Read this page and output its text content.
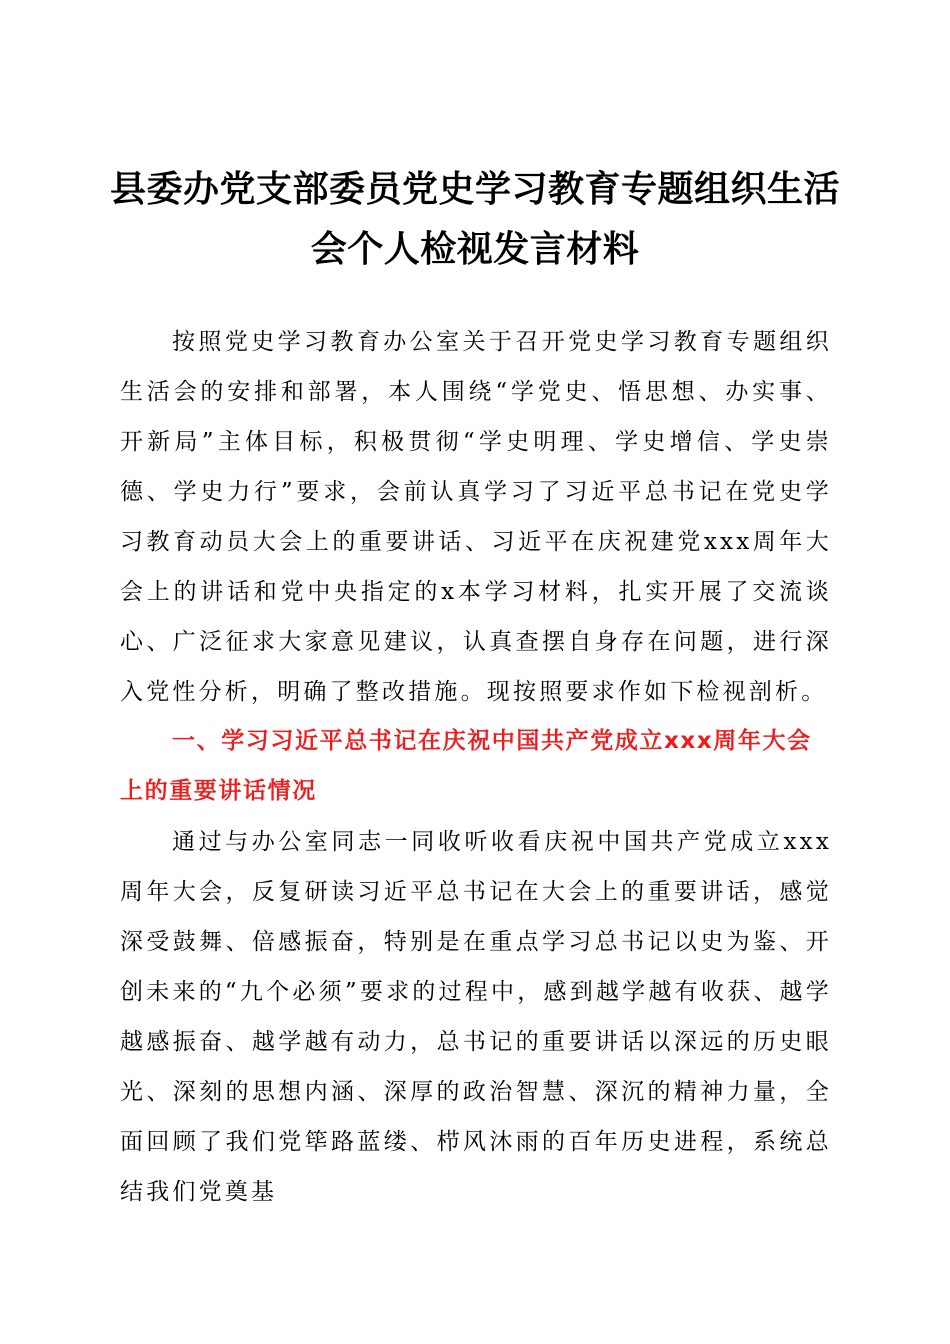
县委办党支部委员党史学习教育专题组织生活会个人检视发言材料

按照党史学习教育办公室关于召开党史学习教育专题组织生活会的安排和部署，本人围绕“学党史、悟思想、办实事、开新局”主体目标，积极贯彻“学史明理、学史增信、学史崇德、学史力行”要求，会前认真学习了习近平总书记在党史学习教育动员大会上的重要讲话、习近平在庆祝建党xxx周年大会上的讲话和党中央指定的x本学习材料，扎实开展了交流谈心、广泛征求大家意见建议，认真查摆自身存在问题，进行深入党性分析，明确了整改措施。现按照要求作如下检视剖析。

一、学习习近平总书记在庆祝中国共产党成立xxx周年大会上的重要讲话情况

通过与办公室同志一同收听收看庆祝中国共产党成立xxx周年大会，反复研读习近平总书记在大会上的重要讲话，感觉深受鼓舞、倍感振奋，特别是在重点学习总书记以史为鉴、开创未来的“九个必须”要求的过程中，感到越学越有收获、越学越感振奋、越学越有动力，总书记的重要讲话以深远的历史眼光、深刻的思想内涵、深厚的政治智慧、深沉的精神力量，全面回顾了我们党筚路蓝缕、栉风沐雨的百年历史进程，系统总结我们党奠基
